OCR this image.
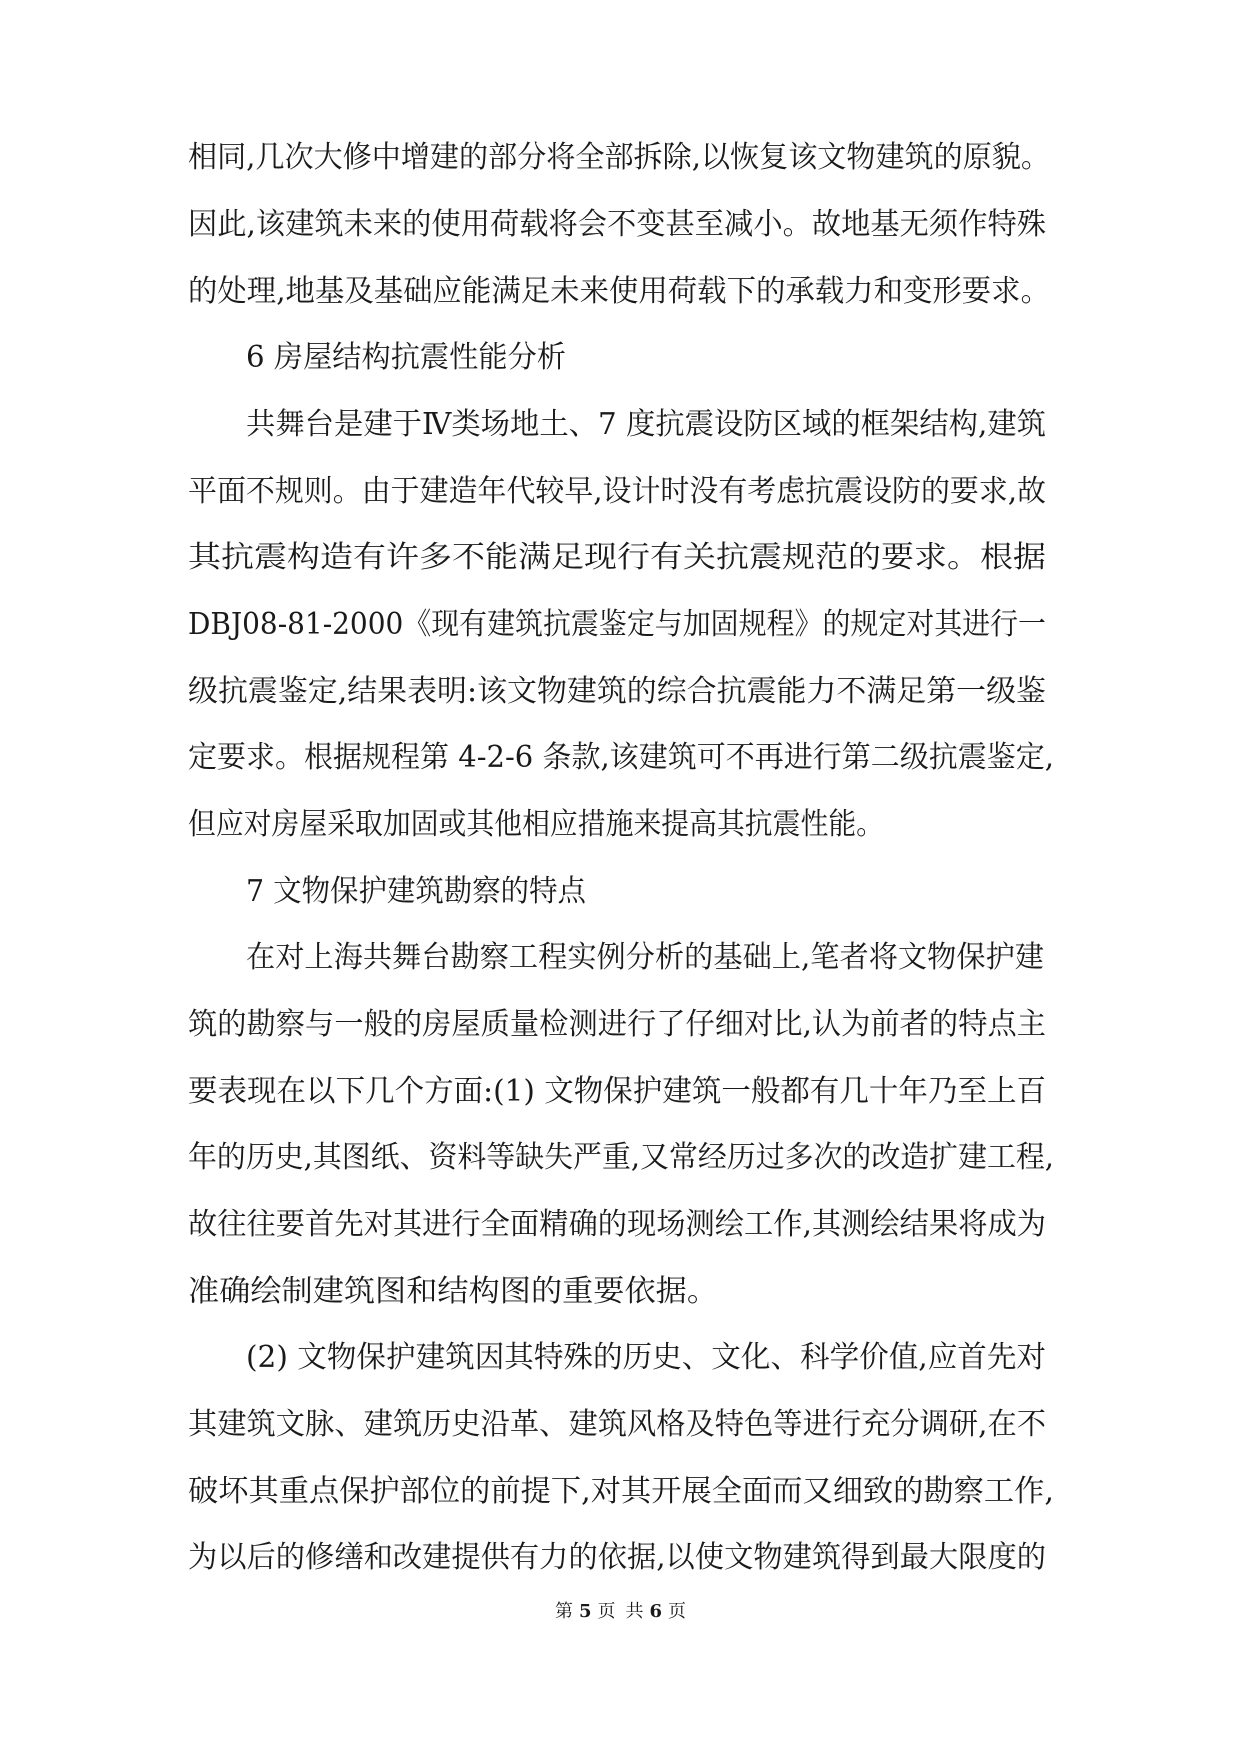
相同,几次大修中增建的部分将全部拆除,以恢复该文物建筑的原貌。
因此,该建筑未来的使用荷载将会不变甚至减小。故地基无须作特殊
的处理,地基及基础应能满足未来使用荷载下的承载力和变形要求。
6 房屋结构抗震性能分析
共舞台是建于Ⅳ类场地土、7 度抗震设防区域的框架结构,建筑
平面不规则。由于建造年代较早,设计时没有考虑抗震设防的要求,故
其抗震构造有许多不能满足现行有关抗震规范的要求。根据
DBJ08-81-2000《现有建筑抗震鉴定与加固规程》的规定对其进行一
级抗震鉴定,结果表明:该文物建筑的综合抗震能力不满足第一级鉴
定要求。根据规程第 4-2-6 条款,该建筑可不再进行第二级抗震鉴定,
但应对房屋采取加固或其他相应措施来提高其抗震性能。
7 文物保护建筑勘察的特点
在对上海共舞台勘察工程实例分析的基础上,笔者将文物保护建
筑的勘察与一般的房屋质量检测进行了仔细对比,认为前者的特点主
要表现在以下几个方面:(1) 文物保护建筑一般都有几十年乃至上百
年的历史,其图纸、资料等缺失严重,又常经历过多次的改造扩建工程,
故往往要首先对其进行全面精确的现场测绘工作,其测绘结果将成为
准确绘制建筑图和结构图的重要依据。
(2) 文物保护建筑因其特殊的历史、文化、科学价值,应首先对
其建筑文脉、建筑历史沿革、建筑风格及特色等进行充分调研,在不
破坏其重点保护部位的前提下,对其开展全面而又细致的勘察工作,
为以后的修缮和改建提供有力的依据,以使文物建筑得到最大限度的
第 5 页 共 6 页
